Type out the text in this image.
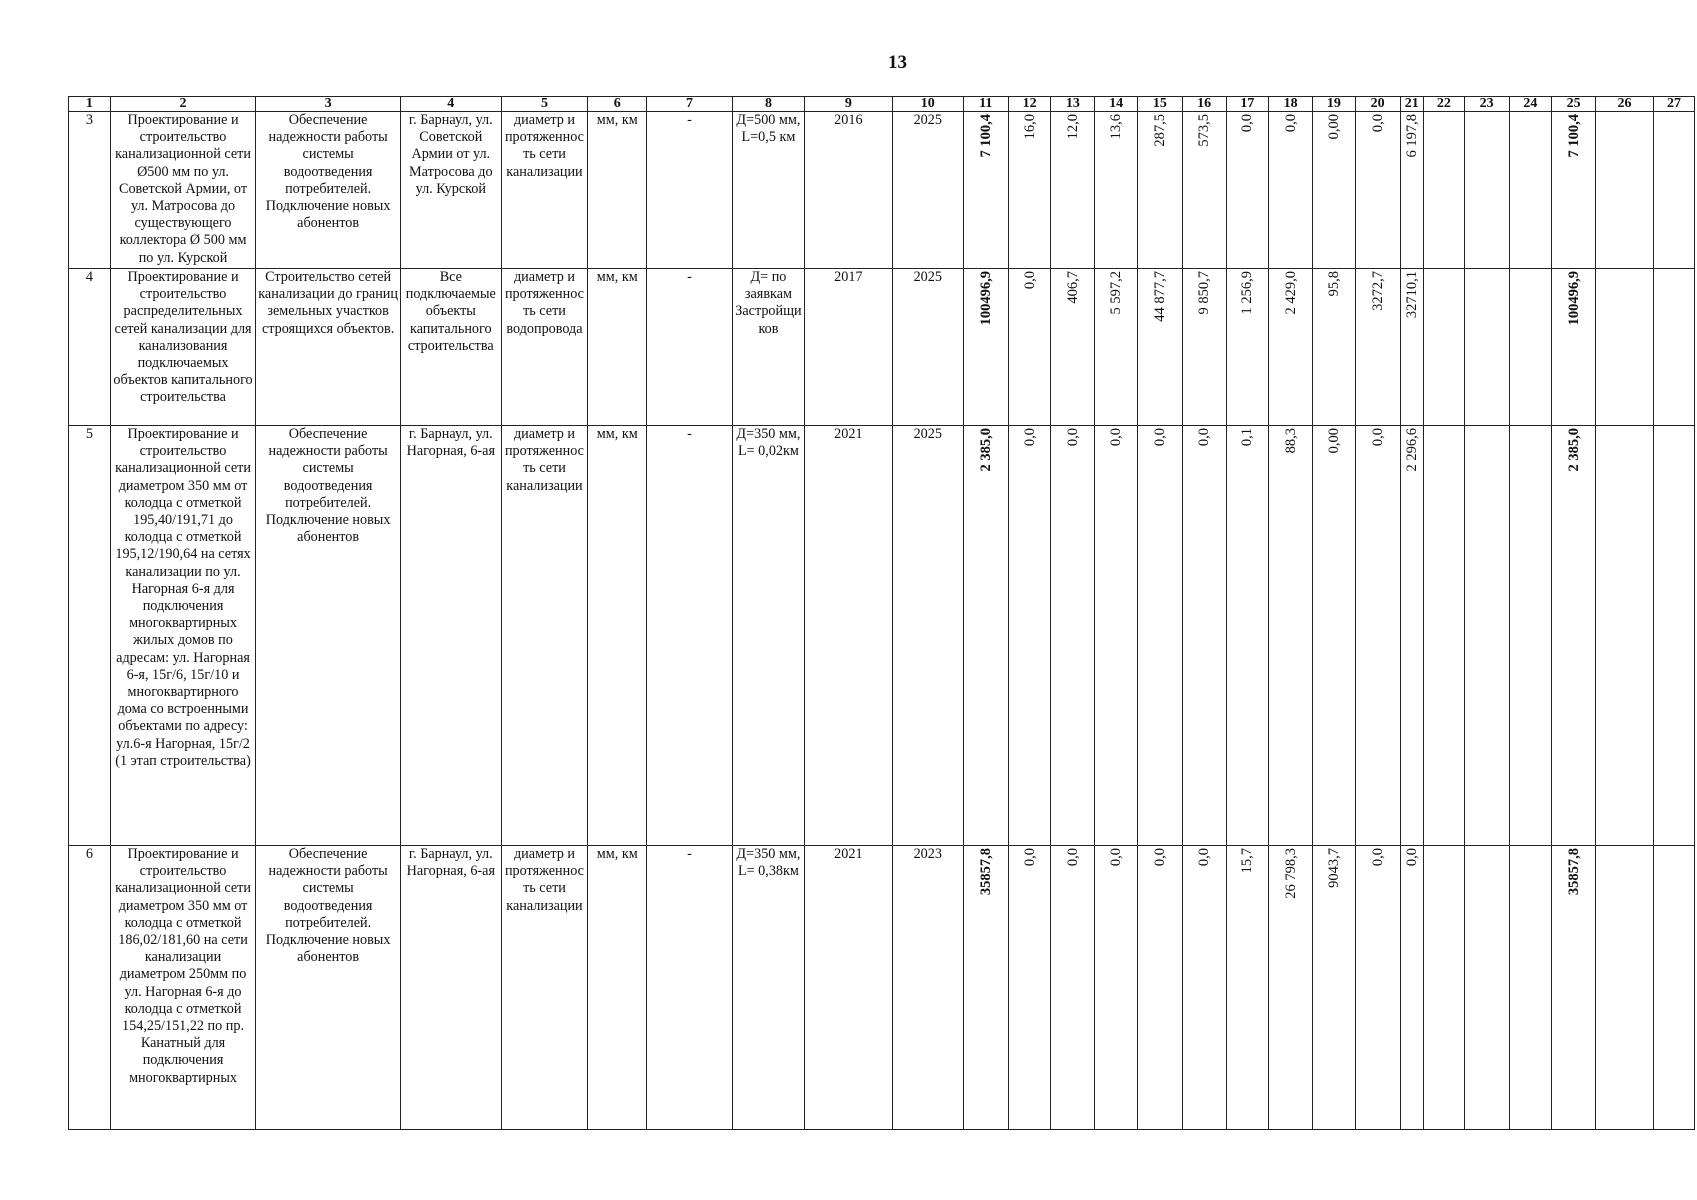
13
1	2	3	4	5	6	7	8	9	10	11	12	13	14	15	16	17	18	19	20	21	22	23	24	25	26	27
3	Проектирование и строительство канализационной сети Ø500 мм по ул. Советской Армии, от ул. Матросова до существующего коллектора Ø 500 мм по ул. Курской	Обеспечение надежности работы системы водоотведения потребителей. Подключение новых абонентов	г. Барнаул, ул. Советской Армии от ул. Матросова до ул. Курской	диаметр и протяженность сети канализации	мм, км	-	Д=500 мм, L=0,5 км	2016	2025	7 100,4	16,0	12,0	13,6	287,5	573,5	0,0	0,0	0,00	0,0	6 197,8				7 100,4		
4	Проектирование и строительство распределительных сетей канализации для канализования подключаемых объектов капитального строительства	Строительство сетей канализации до границ земельных участков строящихся объектов.	Все подключаемые объекты капитального строительства	диаметр и протяженность сети водопровода	мм, км	-	Д= по заявкам Застройщиков	2017	2025	100496,9	0,0	406,7	5 597,2	44 877,7	9 850,7	1 256,9	2 429,0	95,8	3272,7	32710,1				100496,9		
5	Проектирование и строительство канализационной сети диаметром 350 мм от колодца с отметкой 195,40/191,71 до колодца с отметкой 195,12/190,64 на сетях канализации по ул. Нагорная 6-я для подключения многоквартирных жилых домов по адресам: ул. Нагорная 6-я, 15г/6, 15г/10 и многоквартирного дома со встроенными объектами по адресу: ул.6-я Нагорная, 15г/2 (1 этап строительства)	Обеспечение надежности работы системы водоотведения потребителей. Подключение новых абонентов	г. Барнаул, ул. Нагорная, 6-ая	диаметр и протяженность сети канализации	мм, км	-	Д=350 мм, L= 0,02км	2021	2025	2 385,0	0,0	0,0	0,0	0,0	0,0	0,1	88,3	0,00	0,0	2 296,6				2 385,0		
6	Проектирование и строительство канализационной сети диаметром 350 мм от колодца с отметкой 186,02/181,60 на сети канализации диаметром 250мм по ул. Нагорная 6-я до колодца с отметкой 154,25/151,22 по пр. Канатный для подключения многоквартирных	Обеспечение надежности работы системы водоотведения потребителей. Подключение новых абонентов	г. Барнаул, ул. Нагорная, 6-ая	диаметр и протяженность сети канализации	мм, км	-	Д=350 мм, L= 0,38км	2021	2023	35857,8	0,0	0,0	0,0	0,0	0,0	15,7	26 798,3	9043,7	0,0	0,0				35857,8		
